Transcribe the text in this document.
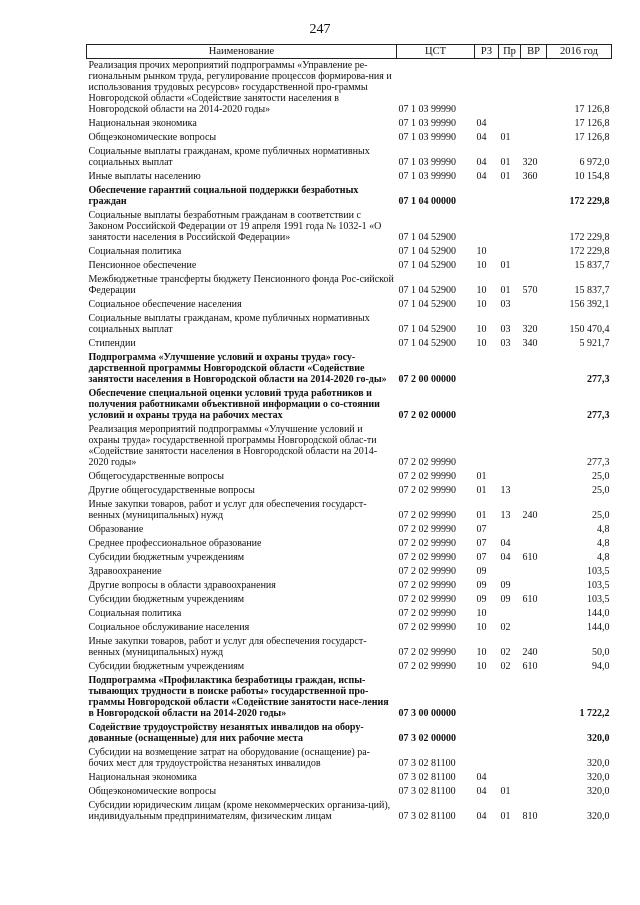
247
Наименование	ЦСТ	РЗ	Пр	ВР	2016 год
Реализация прочих мероприятий подпрограммы «Управление ре-гиональным рынком труда, регулирование процессов формирова-ния и использования трудовых ресурсов» государственной про-граммы Новгородской области «Содействие занятости населения в Новгородской области на 2014-2020 годы»	07 1 03 99990				17 126,8
Национальная экономика	07 1 03 99990	04			17 126,8
Общеэкономические вопросы	07 1 03 99990	04	01		17 126,8
Социальные выплаты гражданам, кроме публичных нормативных социальных выплат	07 1 03 99990	04	01	320	6 972,0
Иные выплаты населению	07 1 03 99990	04	01	360	10 154,8
Обеспечение гарантий социальной поддержки безработных граждан	07 1 04 00000				172 229,8
Социальные выплаты безработным гражданам в соответствии с Законом Российской Федерации от 19 апреля 1991 года № 1032-1 «О занятости населения в Российской Федерации»	07 1 04 52900				172 229,8
Социальная политика	07 1 04 52900	10			172 229,8
Пенсионное обеспечение	07 1 04 52900	10	01		15 837,7
Межбюджетные трансферты бюджету Пенсионного фонда Рос-сийской Федерации	07 1 04 52900	10	01	570	15 837,7
Социальное обеспечение населения	07 1 04 52900	10	03		156 392,1
Социальные выплаты гражданам, кроме публичных нормативных социальных выплат	07 1 04 52900	10	03	320	150 470,4
Стипендии	07 1 04 52900	10	03	340	5 921,7
Подпрограмма «Улучшение условий и охраны труда» госу-дарственной программы Новгородской области «Содействие занятости населения в Новгородской области на 2014-2020 го-ды»	07 2 00 00000				277,3
Обеспечение специальной оценки условий труда работников и получения работниками объективной информации о со-стоянии условий и охраны труда на рабочих местах	07 2 02 00000				277,3
Реализация мероприятий подпрограммы «Улучшение условий и охраны труда» государственной программы Новгородской облас-ти «Содействие занятости населения в Новгородской области на 2014-2020 годы»	07 2 02 99990				277,3
Общегосударственные вопросы	07 2 02 99990	01			25,0
Другие общегосударственные вопросы	07 2 02 99990	01	13		25,0
Иные закупки товаров, работ и услуг для обеспечения государст-венных (муниципальных) нужд	07 2 02 99990	01	13	240	25,0
Образование	07 2 02 99990	07			4,8
Среднее профессиональное образование	07 2 02 99990	07	04		4,8
Субсидии бюджетным учреждениям	07 2 02 99990	07	04	610	4,8
Здравоохранение	07 2 02 99990	09			103,5
Другие вопросы в области здравоохранения	07 2 02 99990	09	09		103,5
Субсидии бюджетным учреждениям	07 2 02 99990	09	09	610	103,5
Социальная политика	07 2 02 99990	10			144,0
Социальное обслуживание населения	07 2 02 99990	10	02		144,0
Иные закупки товаров, работ и услуг для обеспечения государст-венных (муниципальных) нужд	07 2 02 99990	10	02	240	50,0
Субсидии бюджетным учреждениям	07 2 02 99990	10	02	610	94,0
Подпрограмма «Профилактика безработицы граждан, испы-тывающих трудности в поиске работы» государственной про-граммы Новгородской области «Содействие занятости насе-ления в Новгородской области на 2014-2020 годы»	07 3 00 00000				1 722,2
Содействие трудоустройству незанятых инвалидов на обору-дованные (оснащенные) для них рабочие места	07 3 02 00000				320,0
Субсидии на возмещение затрат на оборудование (оснащение) ра-бочих мест для трудоустройства незанятых инвалидов	07 3 02 81100				320,0
Национальная экономика	07 3 02 81100	04			320,0
Общеэкономические вопросы	07 3 02 81100	04	01		320,0
Субсидии юридическим лицам (кроме некоммерческих организа-ций), индивидуальным предпринимателям, физическим лицам	07 3 02 81100	04	01	810	320,0
